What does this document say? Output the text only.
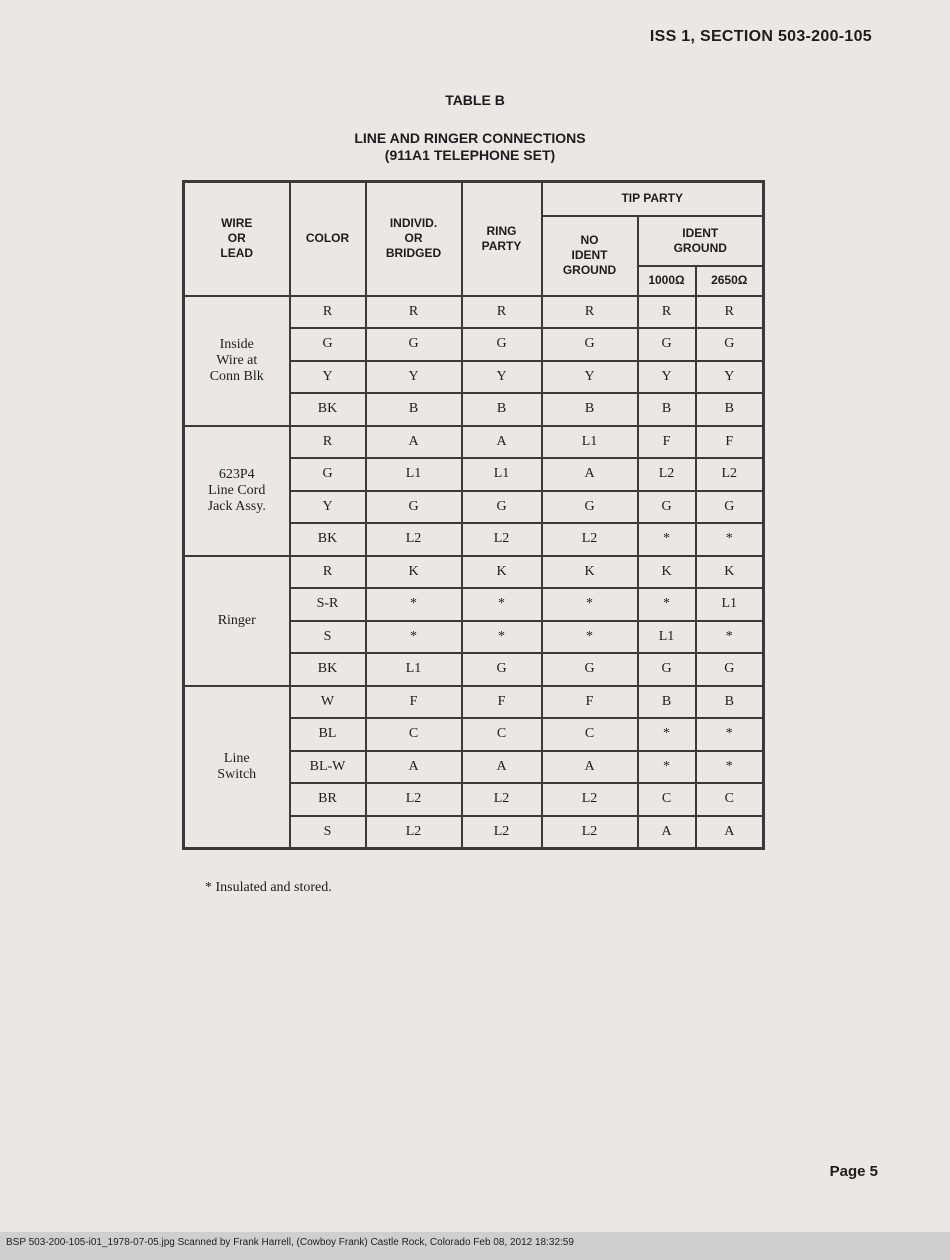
ISS 1, SECTION 503-200-105
TABLE B
LINE AND RINGER CONNECTIONS
(911A1 TELEPHONE SET)
WIRE
OR
LEAD	COLOR	INDIVID.
OR
BRIDGED	RING
PARTY	TIP PARTY		

				NO
IDENT
GROUND	IDENT
GROUND	

					1000Ω	2650Ω

Inside
Wire at
Conn Blk	R	R	R	R	R	R
	G	G	G	G	G	G
	Y	Y	Y	Y	Y	Y
	BK	B	B	B	B	B

623P4
Line Cord
Jack Assy.	R	A	A	L1	F	F
	G	L1	L1	A	L2	L2
	Y	G	G	G	G	G
	BK	L2	L2	L2	*	*

Ringer	R	K	K	K	K	K
	S-R	*	*	*	*	L1
	S	*	*	*	L1	*
	BK	L1	G	G	G	G

Line
Switch	W	F	F	F	B	B
	BL	C	C	C	*	*
	BL-W	A	A	A	*	*
	BR	L2	L2	L2	C	C
	S	L2	L2	L2	A	A
* Insulated and stored.
Page 5
BSP 503-200-105-i01_1978-07-05.jpg Scanned by Frank Harrell, (Cowboy Frank) Castle Rock, Colorado Feb 08, 2012 18:32:59
